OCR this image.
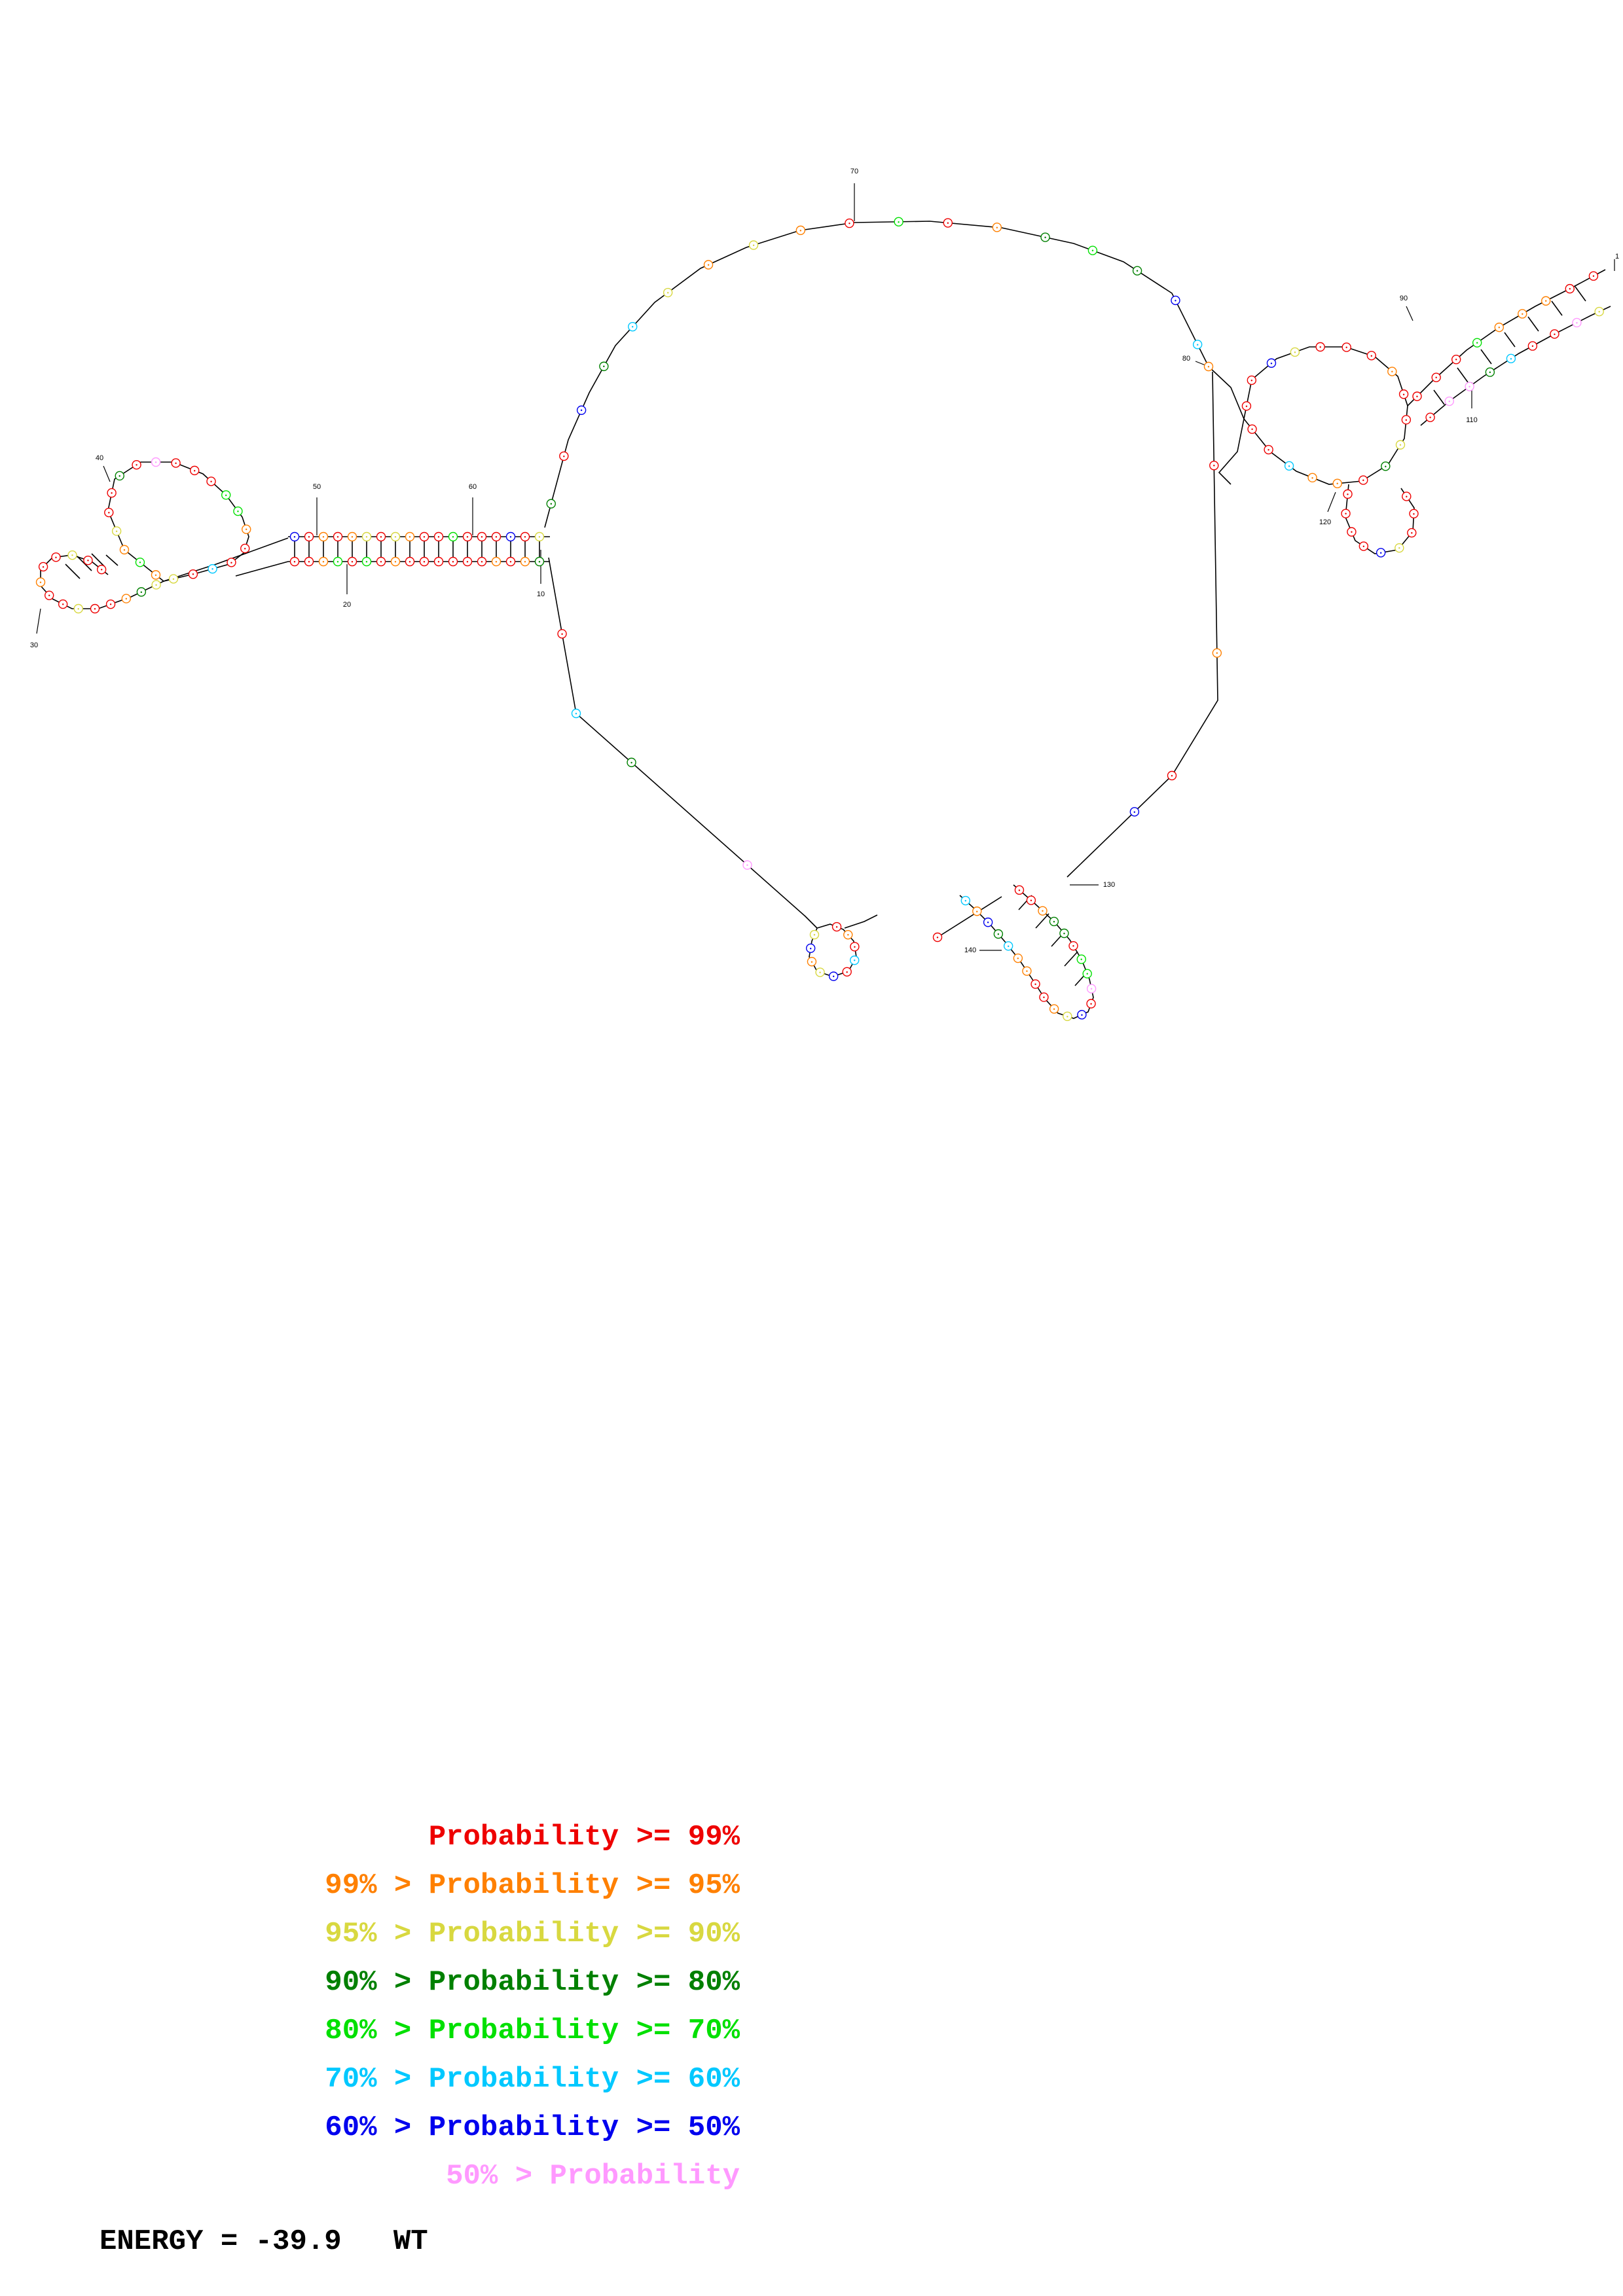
1
10
20
30
40
50	60
70
80
90
110
120
130
140
•
•
•
•
•
•
•
•
•
•
•
•
•
•
•
•
•
•
•
•
•
•
•
•
•
•
•
•
•
•
•
•
•
•
•
•
•
•
•
•
•
•
•
•
•
•	•	•
•
•
•
•
•
•
•
•
•
•
•
•
•
•
•
•
•
•
•
•	•	•
•
•
•
•
•
•
•
•
•
•
•
•
•
•
•
•
•
•
•
•
• •
•
•
•
•
•
•
•
•
•
•
•
•
•
•
•
•
•
•
•
•
•
•
•
•
•
•
•
•
•
•
•
•
•
•
•
•
•
•
•
•
•
•
•
•
•
•
•
•
•
•
•
•
•
•
•
•
•
•
•
•
•
•
•
•
•
•
•
•
•
•
•
•
•
•
•
•
•
•
•
•
•
•
•
Probability >= 99%
99% > Probability >= 95%
95% > Probability >= 90%
90% > Probability >= 80%
80% > Probability >= 70%
70% > Probability >= 60%
60% > Probability >= 50%
50% > Probability
ENERGY = -39.9   WT
